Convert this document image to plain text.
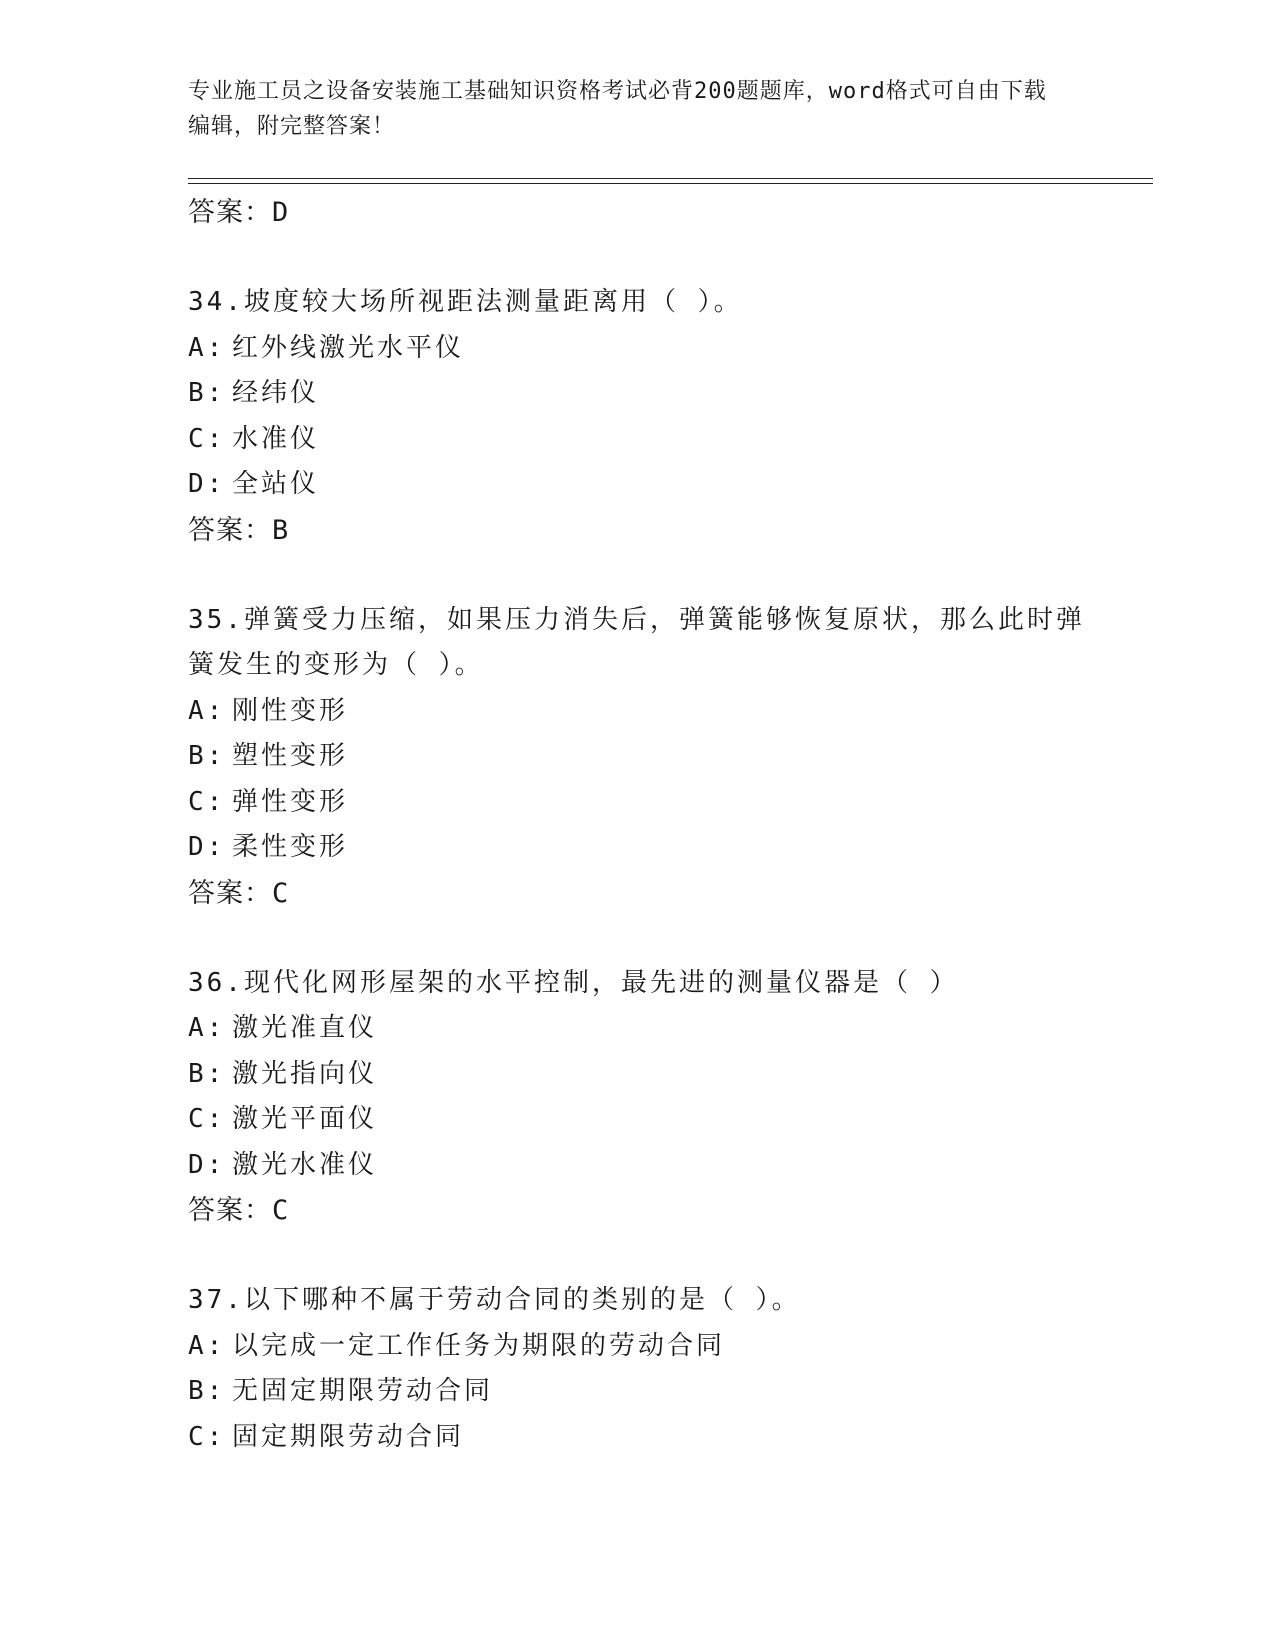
专业施工员之设备安装施工基础知识资格考试必背200题题库，word格式可自由下载编辑，附完整答案！
答案：D
34.坡度较大场所视距法测量距离用（ ）。
A: 红外线激光水平仪
B: 经纬仪
C: 水准仪
D: 全站仪
答案：B
35.弹簧受力压缩，如果压力消失后，弹簧能够恢复原状，那么此时弹簧发生的变形为（ ）。
A: 刚性变形
B: 塑性变形
C: 弹性变形
D: 柔性变形
答案：C
36.现代化网形屋架的水平控制，最先进的测量仪器是（ ）
A: 激光准直仪
B: 激光指向仪
C: 激光平面仪
D: 激光水准仪
答案：C
37.以下哪种不属于劳动合同的类别的是（ ）。
A: 以完成一定工作任务为期限的劳动合同
B: 无固定期限劳动合同
C: 固定期限劳动合同
